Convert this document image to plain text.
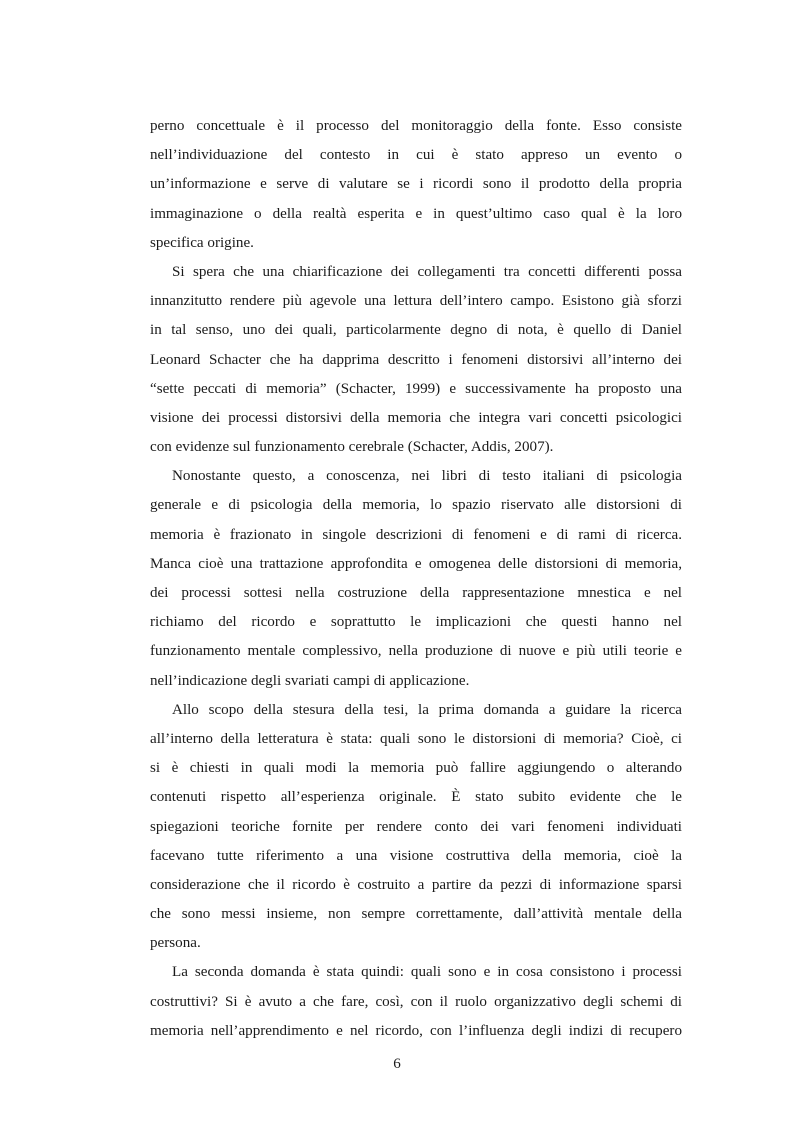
perno concettuale è il processo del monitoraggio della fonte. Esso consiste
nell’individuazione del contesto in cui è stato appreso un evento o
un’informazione e serve di valutare se i ricordi sono il prodotto della propria
immaginazione o della realtà esperita e in quest’ultimo caso qual è la loro
specifica origine.
Si spera che una chiarificazione dei collegamenti tra concetti differenti possa
innanzitutto rendere più agevole una lettura dell’intero campo. Esistono già sforzi
in tal senso, uno dei quali, particolarmente degno di nota, è quello di Daniel
Leonard Schacter che ha dapprima descritto i fenomeni distorsivi all’interno dei
“sette peccati di memoria” (Schacter, 1999) e successivamente ha proposto una
visione dei processi distorsivi della memoria che integra vari concetti psicologici
con evidenze sul funzionamento cerebrale (Schacter, Addis, 2007).
Nonostante questo, a conoscenza, nei libri di testo italiani di psicologia
generale e di psicologia della memoria, lo spazio riservato alle distorsioni di
memoria è frazionato in singole descrizioni di fenomeni e di rami di ricerca.
Manca cioè una trattazione approfondita e omogenea delle distorsioni di memoria,
dei processi sottesi nella costruzione della rappresentazione mnestica e nel
richiamo del ricordo e soprattutto le implicazioni che questi hanno nel
funzionamento mentale complessivo, nella produzione di nuove e più utili teorie e
nell’indicazione degli svariati campi di applicazione.
Allo scopo della stesura della tesi, la prima domanda a guidare la ricerca
all’interno della letteratura è stata: quali sono le distorsioni di memoria? Cioè, ci
si è chiesti in quali modi la memoria può fallire aggiungendo o alterando
contenuti rispetto all’esperienza originale. È stato subito evidente che le
spiegazioni teoriche fornite per rendere conto dei vari fenomeni individuati
facevano tutte riferimento a una visione costruttiva della memoria, cioè la
considerazione che il ricordo è costruito a partire da pezzi di informazione sparsi
che sono messi insieme, non sempre correttamente, dall’attività mentale della
persona.
La seconda domanda è stata quindi: quali sono e in cosa consistono i processi
costruttivi? Si è avuto a che fare, così, con il ruolo organizzativo degli schemi di
memoria nell’apprendimento e nel ricordo, con l’influenza degli indizi di recupero
6
